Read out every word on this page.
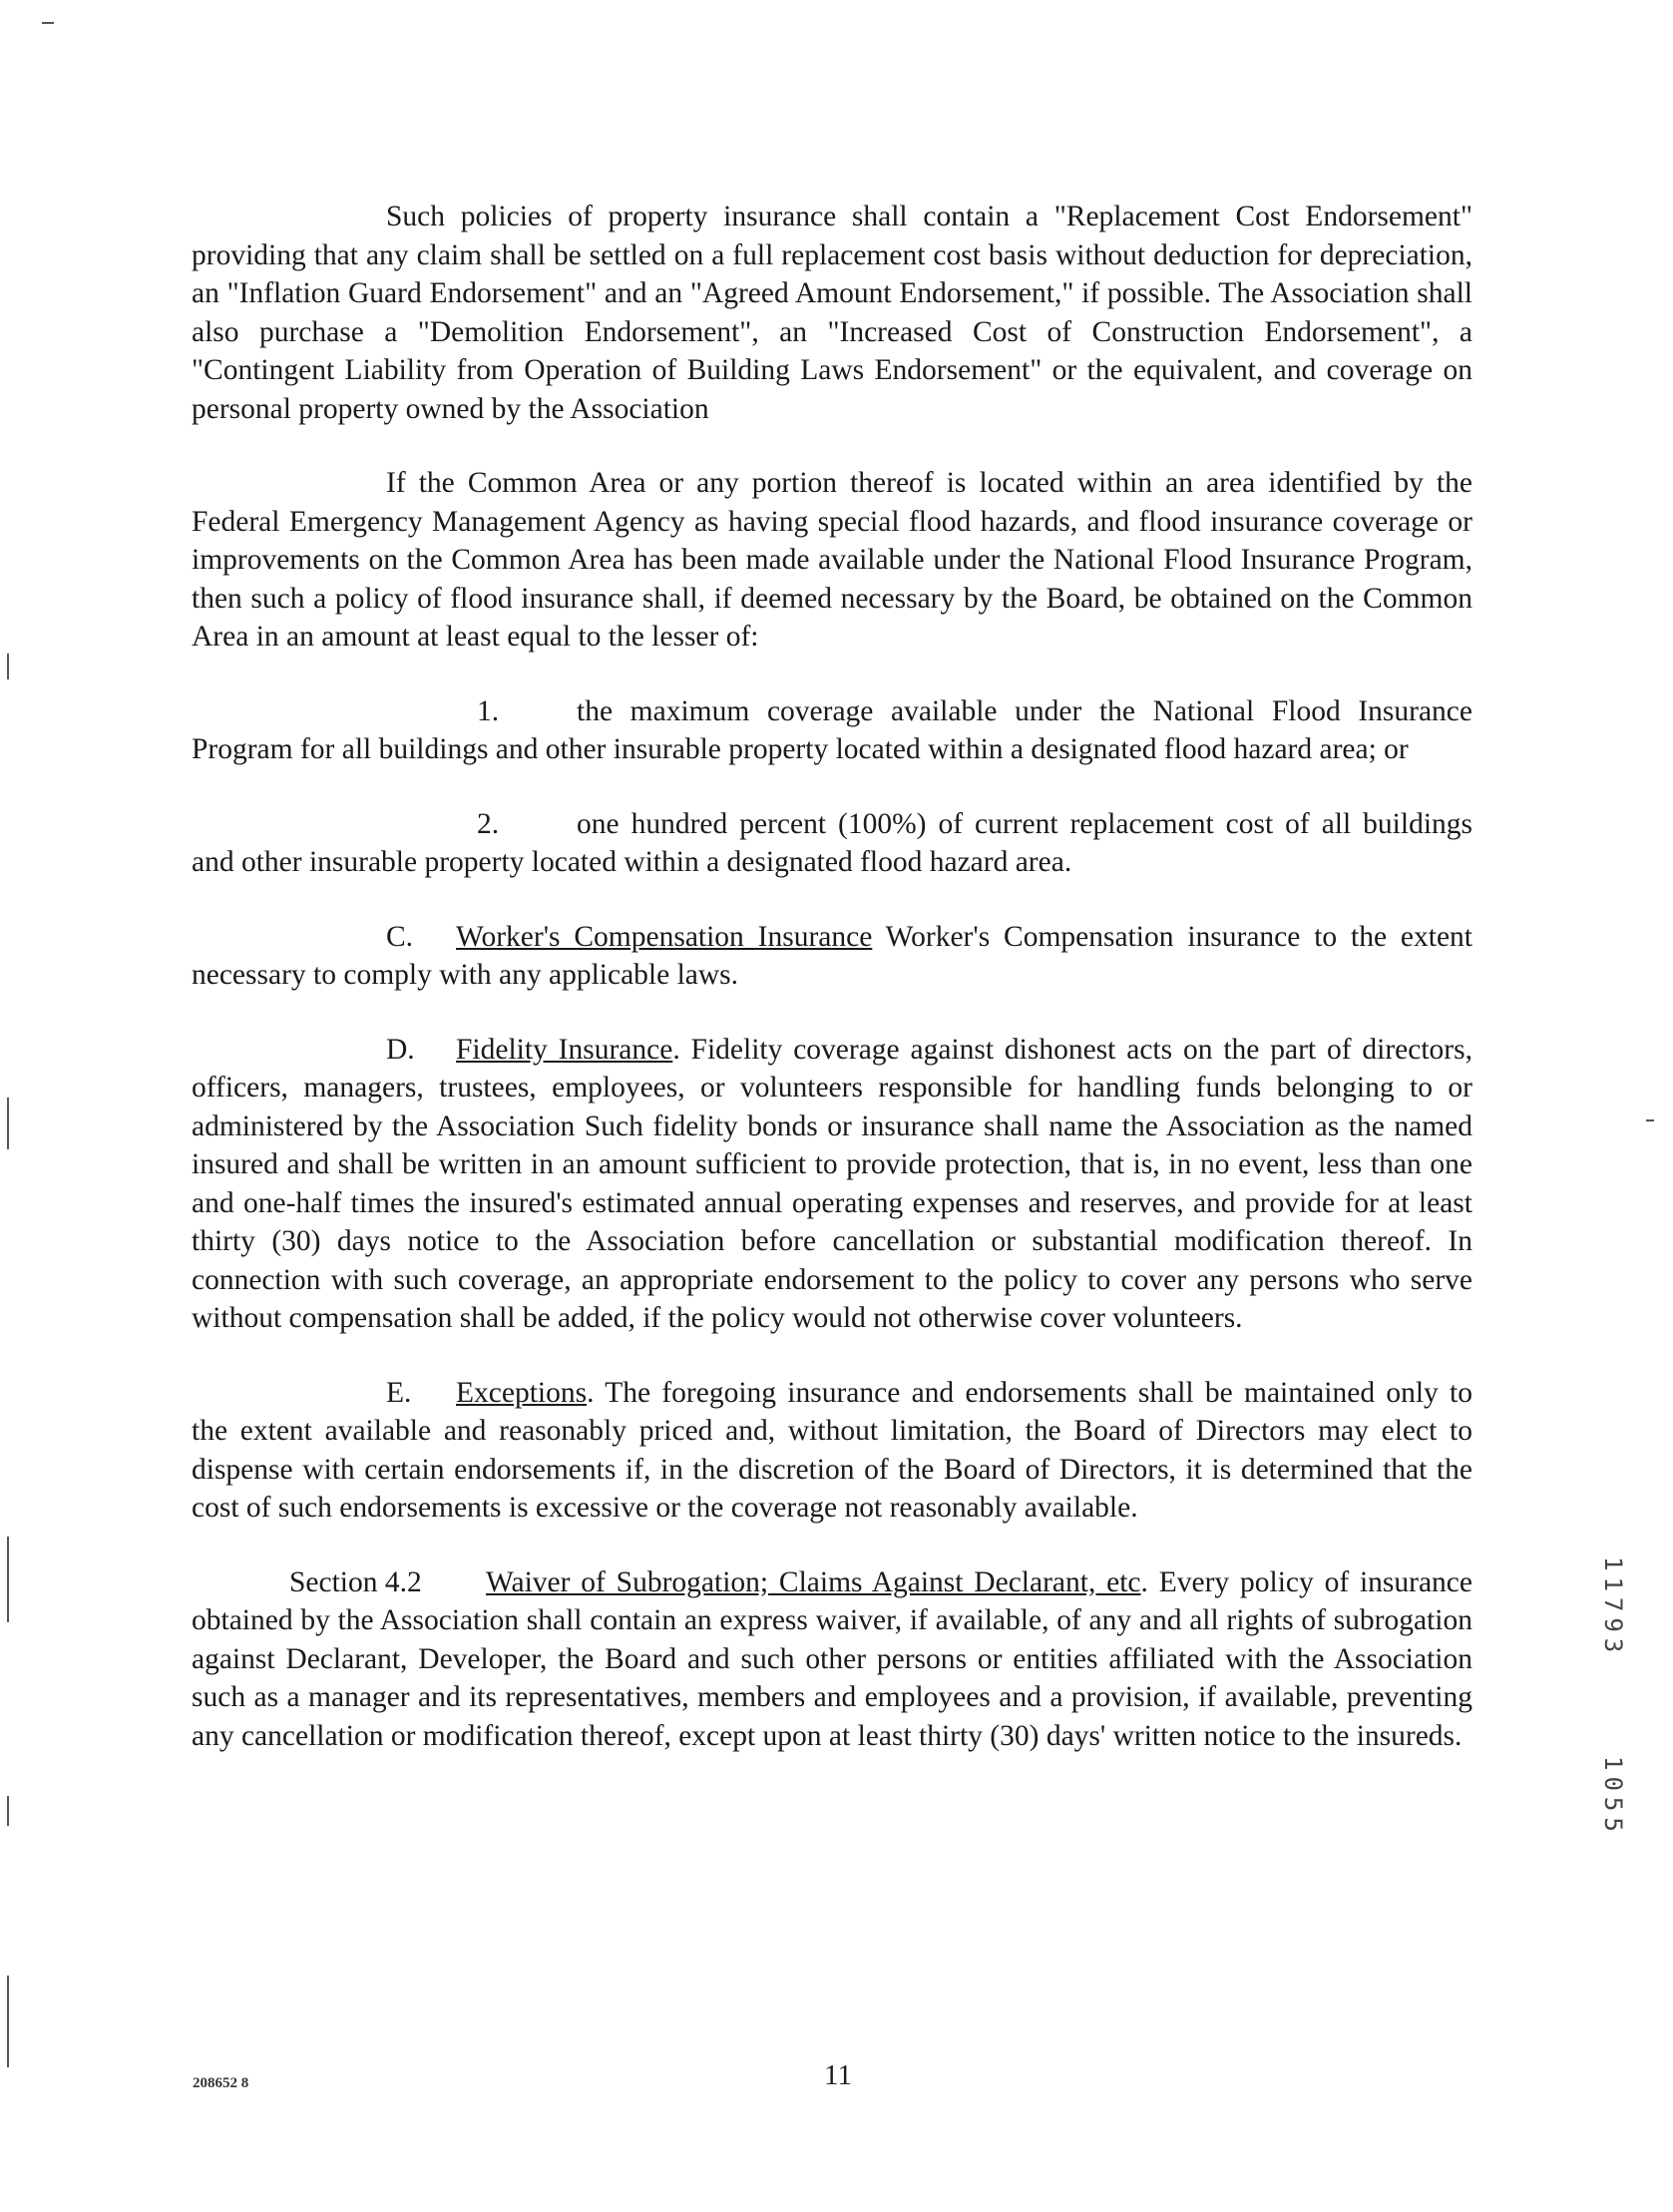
Such policies of property insurance shall contain a "Replacement Cost Endorsement" providing that any claim shall be settled on a full replacement cost basis without deduction for depreciation, an "Inflation Guard Endorsement" and an "Agreed Amount Endorsement," if possible. The Association shall also purchase a "Demolition Endorsement", an "Increased Cost of Construction Endorsement", a "Contingent Liability from Operation of Building Laws Endorsement" or the equivalent, and coverage on personal property owned by the Association

If the Common Area or any portion thereof is located within an area identified by the Federal Emergency Management Agency as having special flood hazards, and flood insurance coverage or improvements on the Common Area has been made available under the National Flood Insurance Program, then such a policy of flood insurance shall, if deemed necessary by the Board, be obtained on the Common Area in an amount at least equal to the lesser of:

1.	the maximum coverage available under the National Flood Insurance Program for all buildings and other insurable property located within a designated flood hazard area; or

2.	one hundred percent (100%) of current replacement cost of all buildings and other insurable property located within a designated flood hazard area.

C. Worker's Compensation Insurance Worker's Compensation insurance to the extent necessary to comply with any applicable laws.

D. Fidelity Insurance. Fidelity coverage against dishonest acts on the part of directors, officers, managers, trustees, employees, or volunteers responsible for handling funds belonging to or administered by the Association Such fidelity bonds or insurance shall name the Association as the named insured and shall be written in an amount sufficient to provide protection, that is, in no event, less than one and one-half times the insured's estimated annual operating expenses and reserves, and provide for at least thirty (30) days notice to the Association before cancellation or substantial modification thereof. In connection with such coverage, an appropriate endorsement to the policy to cover any persons who serve without compensation shall be added, if the policy would not otherwise cover volunteers.

E. Exceptions. The foregoing insurance and endorsements shall be maintained only to the extent available and reasonably priced and, without limitation, the Board of Directors may elect to dispense with certain endorsements if, in the discretion of the Board of Directors, it is determined that the cost of such endorsements is excessive or the coverage not reasonably available.

Section 4.2 Waiver of Subrogation; Claims Against Declarant, etc. Every policy of insurance obtained by the Association shall contain an express waiver, if available, of any and all rights of subrogation against Declarant, Developer, the Board and such other persons or entities affiliated with the Association such as a manager and its representatives, members and employees and a provision, if available, preventing any cancellation or modification thereof, except upon at least thirty (30) days' written notice to the insureds.

208652 8	11
11793
1055
